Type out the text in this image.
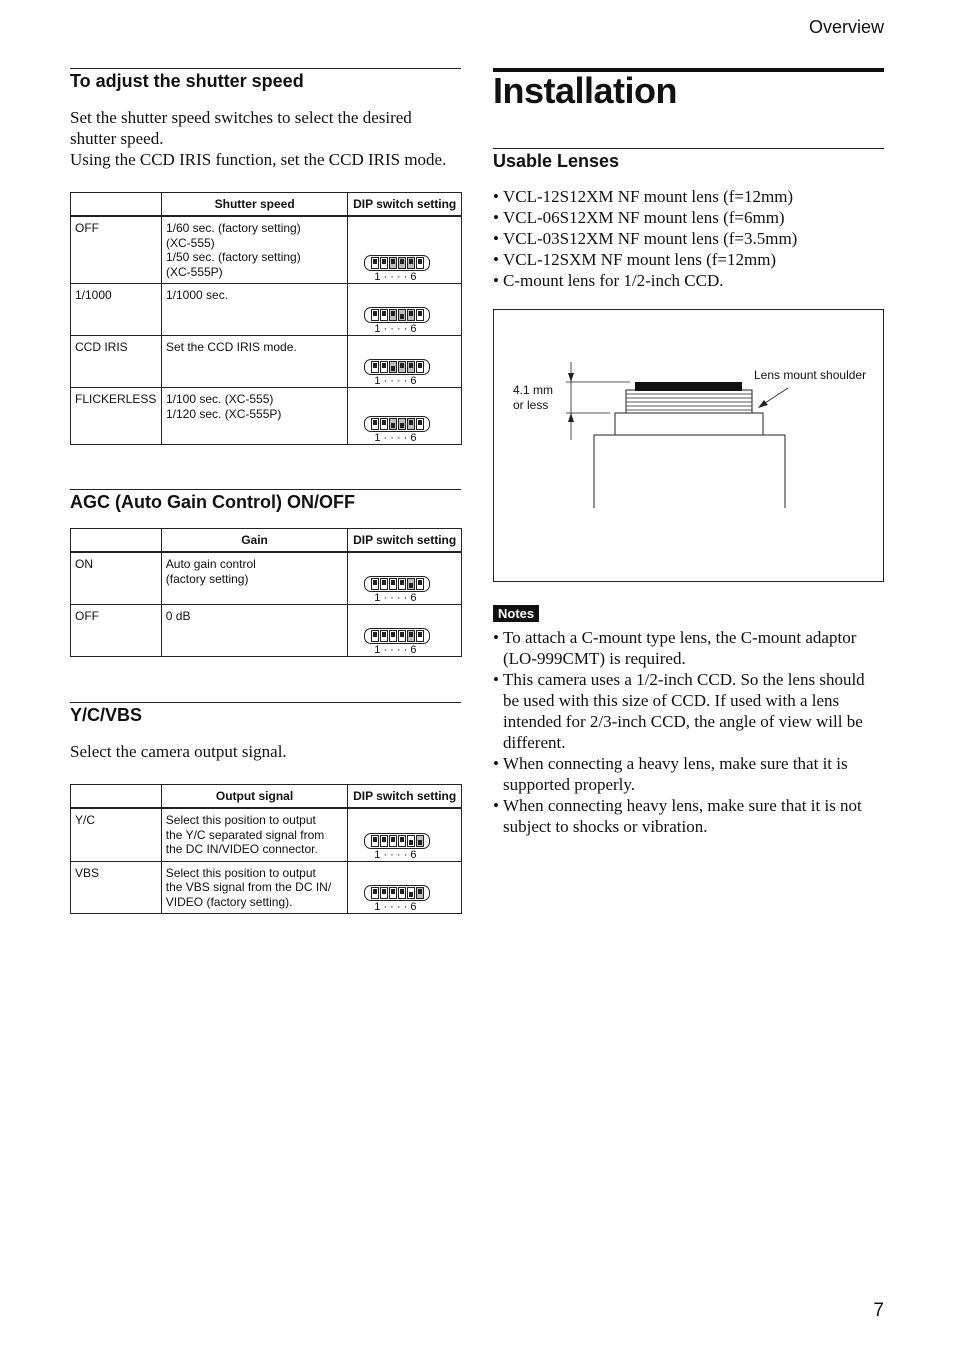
Overview
To adjust the shutter speed
Set the shutter speed switches to select the desired shutter speed.
Using the CCD IRIS function, set the CCD IRIS mode.
	Shutter speed	DIP switch setting
OFF	1/60 sec. (factory setting)
(XC-555)
1/50 sec. (factory setting)
(XC-555P)	1 · · · · 6

1/1000	1/1000 sec.	1 · · · · 6

CCD IRIS	Set the CCD IRIS mode.	1 · · · · 6

FLICKERLESS	1/100 sec. (XC-555)
1/120 sec. (XC-555P)	1 · · · · 6
AGC (Auto Gain Control) ON/OFF
	Gain	DIP switch setting
ON	Auto gain control
(factory setting)	1 · · · · 6

OFF	0 dB	1 · · · · 6
Y/C/VBS
Select the camera output signal.
	Output signal	DIP switch setting
Y/C	Select this position to output
the Y/C separated signal from
the DC IN/VIDEO connector.	1 · · · · 6

VBS	Select this position to output
the VBS signal from the DC IN/
VIDEO (factory setting).	1 · · · · 6
Installation
Usable Lenses
• VCL-12S12XM NF mount lens (f=12mm)
• VCL-06S12XM NF mount lens (f=6mm)
• VCL-03S12XM NF mount lens (f=3.5mm)
• VCL-12SXM NF mount lens (f=12mm)
• C-mount lens for 1/2-inch CCD.
4.1 mm
or less
Lens mount shoulder
Notes
• To attach a C-mount type lens, the C-mount adaptor (LO-999CMT) is required.
• This camera uses a 1/2-inch CCD. So the lens should be used with this size of CCD. If used with a lens intended for 2/3-inch CCD, the angle of view will be different.
• When connecting a heavy lens, make sure that it is supported properly.
• When connecting heavy lens, make sure that it is not subject to shocks or vibration.
7
